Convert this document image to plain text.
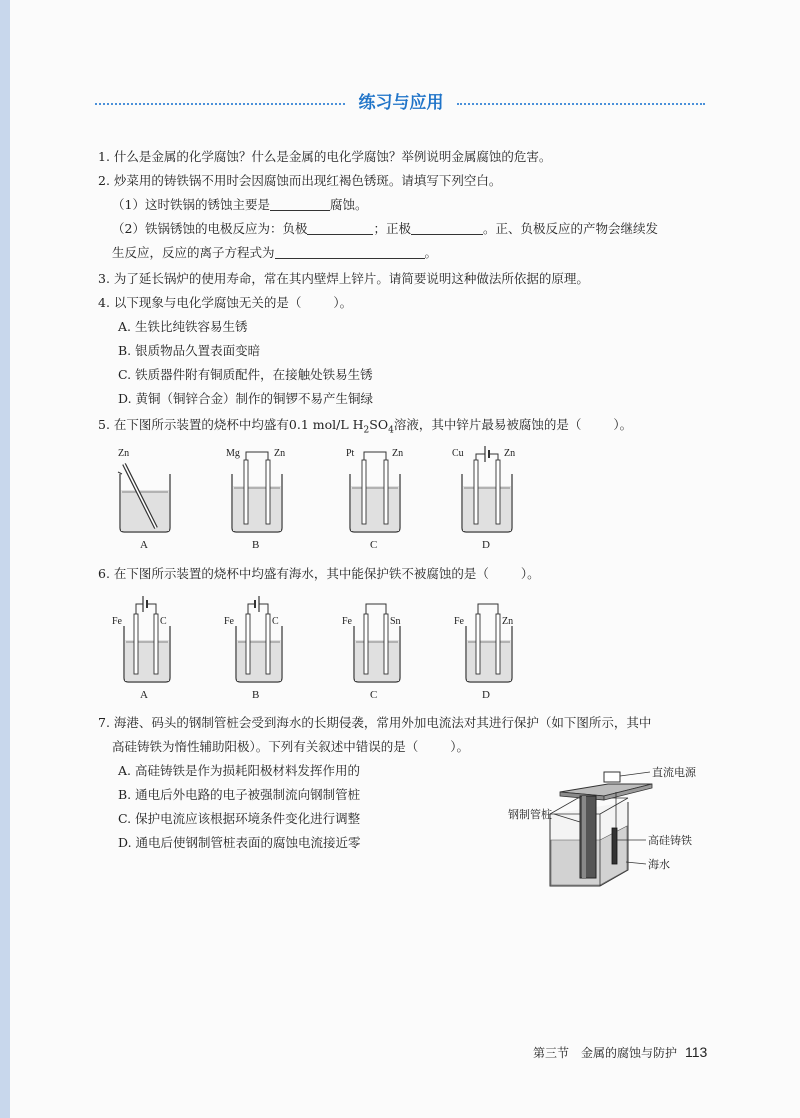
练习与应用
1. 什么是金属的化学腐蚀？什么是金属的电化学腐蚀？举例说明金属腐蚀的危害。
2. 炒菜用的铸铁锅不用时会因腐蚀而出现红褐色锈斑。请填写下列空白。
（1）这时铁锅的锈蚀主要是	腐蚀。
（2）铁锅锈蚀的电极反应为：负极	；正极	。正、负极反应的产物会继续发
生反应，反应的离子方程式为	。
3. 为了延长锅炉的使用寿命，常在其内壁焊上锌片。请简要说明这种做法所依据的原理。
4. 以下现象与电化学腐蚀无关的是（	）。
A. 生铁比纯铁容易生锈
B. 银质物品久置表面变暗
C. 铁质器件附有铜质配件，在接触处铁易生锈
D. 黄铜（铜锌合金）制作的铜锣不易产生铜绿
5. 在下图所示装置的烧杯中均盛有0.1 mol/L $H_2SO_4$溶液，其中锌片最易被腐蚀的是（	）。
Zn
A
Mg	Zn
B
Pt	Zn
C
Cu	Zn
D
6. 在下图所示装置的烧杯中均盛有海水，其中能保护铁不被腐蚀的是（	）。
Fe	C
A
Fe	C
B
Fe	Sn
C
Fe	Zn
D
7. 海港、码头的钢制管桩会受到海水的长期侵袭，常用外加电流法对其进行保护（如下图所示，其中
高硅铸铁为惰性辅助阳极）。下列有关叙述中错误的是（	）。
A. 高硅铸铁是作为损耗阳极材料发挥作用的
B. 通电后外电路的电子被强制流向钢制管桩
C. 保护电流应该根据环境条件变化进行调整
D. 通电后使钢制管桩表面的腐蚀电流接近零
直流电源
钢制管桩
高硅铸铁
海水
第三节　金属的腐蚀与防护 113
